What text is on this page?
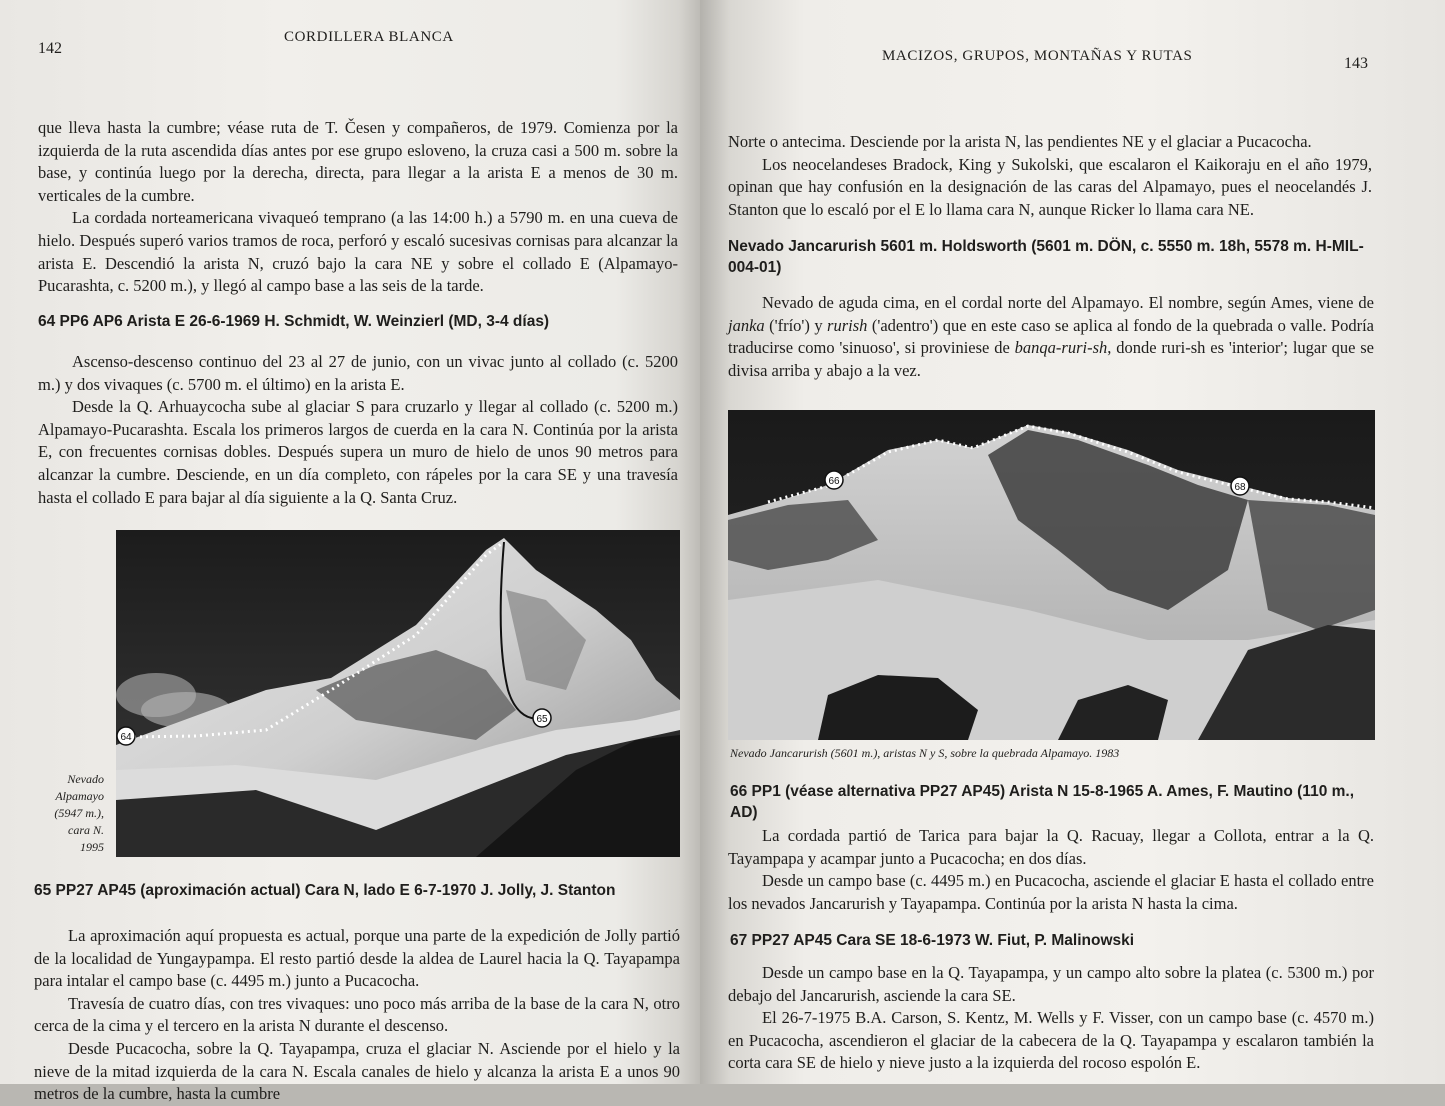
142
CORDILLERA BLANCA

que lleva hasta la cumbre; véase ruta de T. Česen y compañeros, de 1979. Comienza por la izquierda de la ruta ascendida días antes por ese grupo esloveno, la cruza casi a 500 m. sobre la base, y continúa luego por la derecha, directa, para llegar a la arista E a menos de 30 m. verticales de la cumbre.

La cordada norteamericana vivaqueó temprano (a las 14:00 h.) a 5790 m. en una cueva de hielo. Después superó varios tramos de roca, perforó y escaló sucesivas cornisas para alcanzar la arista E. Descendió la arista N, cruzó bajo la cara NE y sobre el collado E (Alpamayo-Pucarashta, c. 5200 m.), y llegó al campo base a las seis de la tarde.

64 PP6 AP6 Arista E 26-6-1969 H. Schmidt, W. Weinzierl (MD, 3-4 días)

Ascenso-descenso continuo del 23 al 27 de junio, con un vivac junto al collado (c. 5200 m.) y dos vivaques (c. 5700 m. el último) en la arista E.

Desde la Q. Arhuaycocha sube al glaciar S para cruzarlo y llegar al collado (c. 5200 m.) Alpamayo-Pucarashta. Escala los primeros largos de cuerda en la cara N. Continúa por la arista E, con frecuentes cornisas dobles. Después supera un muro de hielo de unos 90 metros para alcanzar la cumbre. Desciende, en un día completo, con rápeles por la cara SE y una travesía hasta el collado E para bajar al día siguiente a la Q. Santa Cruz.

64
65
Nevado
Alpamayo
(5947 m.),
cara N.
1995
65 PP27 AP45 (aproximación actual) Cara N, lado E 6-7-1970 J. Jolly, J. Stanton

La aproximación aquí propuesta es actual, porque una parte de la expedición de Jolly partió de la localidad de Yungaypampa. El resto partió desde la aldea de Laurel hacia la Q. Tayapampa para intalar el campo base (c. 4495 m.) junto a Pucacocha.

Travesía de cuatro días, con tres vivaques: uno poco más arriba de la base de la cara N, otro cerca de la cima y el tercero en la arista N durante el descenso.

Desde Pucacocha, sobre la Q. Tayapampa, cruza el glaciar N. Asciende por el hielo y la nieve de la mitad izquierda de la cara N. Escala canales de hielo y alcanza la arista E a unos 90 metros de la cumbre, hasta la cumbre

MACIZOS, GRUPOS, MONTAÑAS Y RUTAS	143

Norte o antecima. Desciende por la arista N, las pendientes NE y el glaciar a Pucacocha.

Los neocelandeses Bradock, King y Sukolski, que escalaron el Kaikoraju en el año 1979, opinan que hay confusión en la designación de las caras del Alpamayo, pues el neocelandés J. Stanton que lo escaló por el E lo llama cara N, aunque Ricker lo llama cara NE.

Nevado Jancarurish 5601 m. Holdsworth (5601 m. DÖN, c. 5550 m. 18h, 5578 m. H-MIL-004-01)

Nevado de aguda cima, en el cordal norte del Alpamayo. El nombre, según Ames, viene de janka ('frío') y rurish ('adentro') que en este caso se aplica al fondo de la quebrada o valle. Podría traducirse como 'sinuoso', si proviniese de banqa-ruri-sh, donde ruri-sh es 'interior'; lugar que se divisa arriba y abajo a la vez.

66
68
Nevado Jancarurish (5601 m.), aristas N y S, sobre la quebrada Alpamayo. 1983
66 PP1 (véase alternativa PP27 AP45) Arista N 15-8-1965 A. Ames, F. Mautino (110 m., AD)

La cordada partió de Tarica para bajar la Q. Racuay, llegar a Collota, entrar a la Q. Tayampapa y acampar junto a Pucacocha; en dos días.

Desde un campo base (c. 4495 m.) en Pucacocha, asciende el glaciar E hasta el collado entre los nevados Jancarurish y Tayapampa. Continúa por la arista N hasta la cima.

67 PP27 AP45 Cara SE 18-6-1973 W. Fiut, P. Malinowski

Desde un campo base en la Q. Tayapampa, y un campo alto sobre la platea (c. 5300 m.) por debajo del Jancarurish, asciende la cara SE.

El 26-7-1975 B.A. Carson, S. Kentz, M. Wells y F. Visser, con un campo base (c. 4570 m.) en Pucacocha, ascendieron el glaciar de la cabecera de la Q. Tayapampa y escalaron también la corta cara SE de hielo y nieve justo a la izquierda del rocoso espolón E.
